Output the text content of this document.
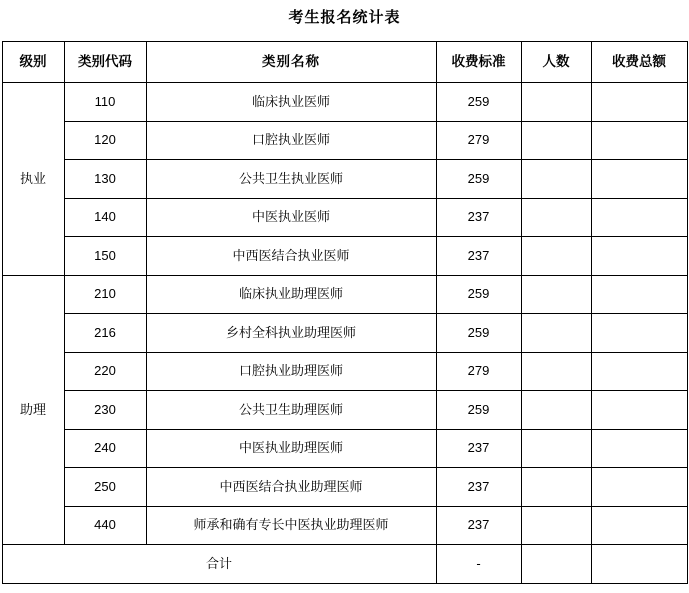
考生报名统计表
级别	类别代码	类别名称	收费标准	人数	收费总额
执业	110	临床执业医师	259		
	120	口腔执业医师	279		
	130	公共卫生执业医师	259		
	140	中医执业医师	237		
	150	中西医结合执业医师	237		
助理	210	临床执业助理医师	259		
	216	乡村全科执业助理医师	259		
	220	口腔执业助理医师	279		
	230	公共卫生助理医师	259		
	240	中医执业助理医师	237		
	250	中西医结合执业助理医师	237		
	440	师承和确有专长中医执业助理医师	237		
合计			-		
